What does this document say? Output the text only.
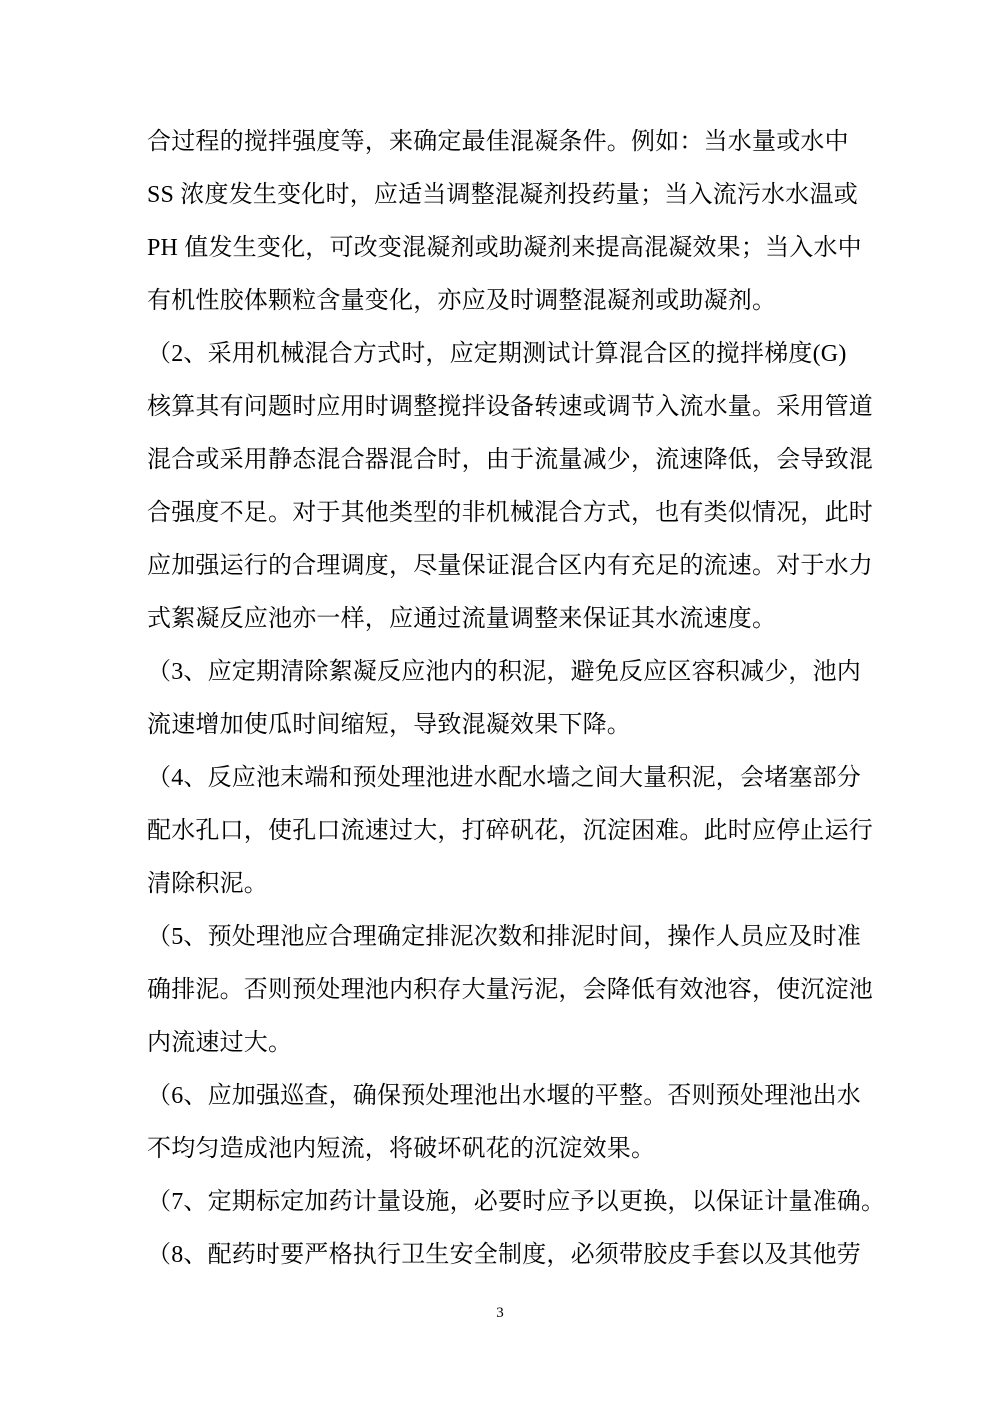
合过程的搅拌强度等，来确定最佳混凝条件。例如：当水量或水中
SS 浓度发生变化时，应适当调整混凝剂投药量；当入流污水水温或
PH 值发生变化，可改变混凝剂或助凝剂来提高混凝效果；当入水中
有机性胶体颗粒含量变化，亦应及时调整混凝剂或助凝剂。
（2、采用机械混合方式时，应定期测试计算混合区的搅拌梯度(G)
核算其有问题时应用时调整搅拌设备转速或调节入流水量。采用管道
混合或采用静态混合器混合时，由于流量减少，流速降低，会导致混
合强度不足。对于其他类型的非机械混合方式，也有类似情况，此时
应加强运行的合理调度，尽量保证混合区内有充足的流速。对于水力
式絮凝反应池亦一样，应通过流量调整来保证其水流速度。
（3、应定期清除絮凝反应池内的积泥，避免反应区容积减少，池内
流速增加使瓜时间缩短，导致混凝效果下降。
（4、反应池末端和预处理池进水配水墙之间大量积泥，会堵塞部分
配水孔口，使孔口流速过大，打碎矾花，沉淀困难。此时应停止运行
清除积泥。
（5、预处理池应合理确定排泥次数和排泥时间，操作人员应及时准
确排泥。否则预处理池内积存大量污泥，会降低有效池容，使沉淀池
内流速过大。
（6、应加强巡查，确保预处理池出水堰的平整。否则预处理池出水
不均匀造成池内短流，将破坏矾花的沉淀效果。
（7、定期标定加药计量设施，必要时应予以更换，以保证计量准确。
（8、配药时要严格执行卫生安全制度，必须带胶皮手套以及其他劳
3
